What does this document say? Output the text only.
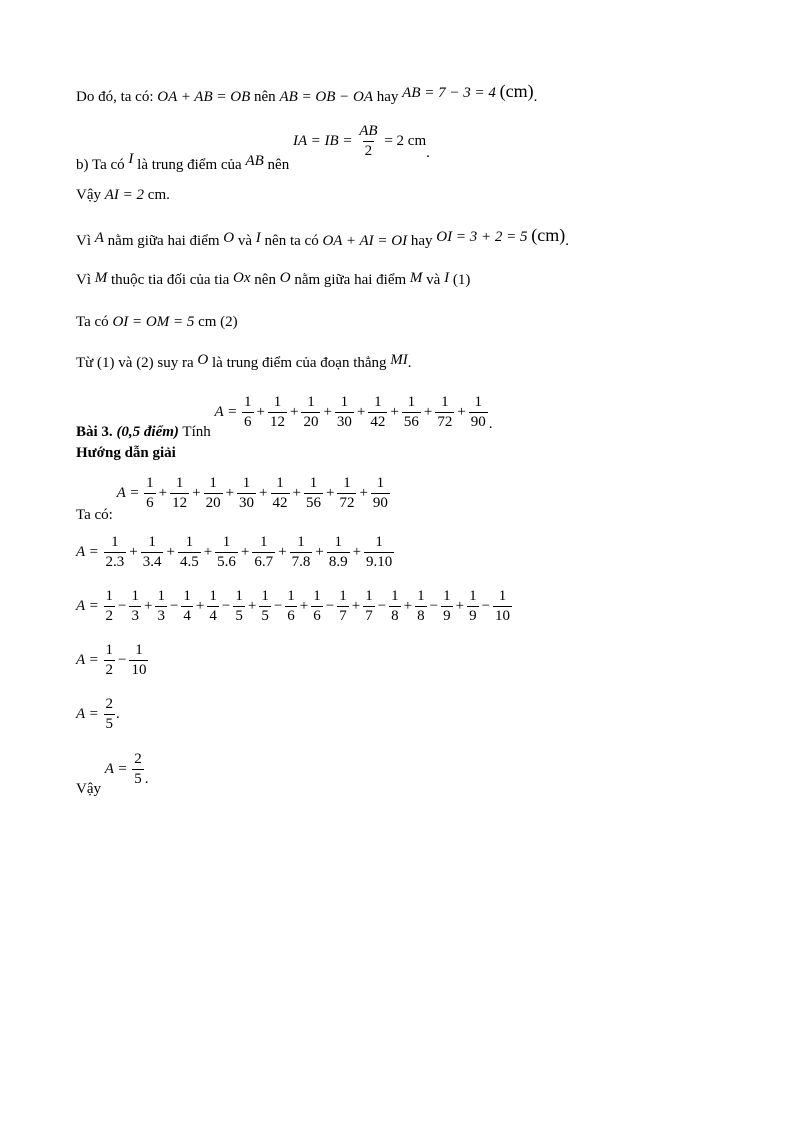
Do đó, ta có: OA + AB = OB nên AB = OB − OA hay AB = 7 − 3 = 4 (cm).
b) Ta có I là trung điểm của AB nên IA = IB = $\frac{AB}{2} = 2$ cm.
Vậy AI = 2 cm.
Vì A nằm giữa hai điểm O và I nên ta có OA + AI = OI hay OI = 3 + 2 = 5 (cm).
Vì M thuộc tia đối của tia Ox nên O nằm giữa hai điểm M và I (1)
Ta có OI = OM = 5 cm (2)
Từ (1) và (2) suy ra O là trung điểm của đoạn thẳng MI.
Bài 3. (0,5 điểm) Tính $A = \frac{1}{6} + \frac{1}{12} + \frac{1}{20} + \frac{1}{30} + \frac{1}{42} + \frac{1}{56} + \frac{1}{72} + \frac{1}{90}$ .
Hướng dẫn giải
Ta có: $A = \frac{1}{6} + \frac{1}{12} + \frac{1}{20} + \frac{1}{30} + \frac{1}{42} + \frac{1}{56} + \frac{1}{72} + \frac{1}{90}$
$A = \frac{1}{2.3} + \frac{1}{3.4} + \frac{1}{4.5} + \frac{1}{5.6} + \frac{1}{6.7} + \frac{1}{7.8} + \frac{1}{8.9} + \frac{1}{9.10}$
$A = \frac{1}{2} - \frac{1}{3} + \frac{1}{3} - \frac{1}{4} + \frac{1}{4} - \frac{1}{5} + \frac{1}{5} - \frac{1}{6} + \frac{1}{6} - \frac{1}{7} + \frac{1}{7} - \frac{1}{8} + \frac{1}{8} - \frac{1}{9} + \frac{1}{9} - \frac{1}{10}$
$A = \frac{1}{2} - \frac{1}{10}$
$A = \frac{2}{5}$ .
Vậy $A = \frac{2}{5}$ .
